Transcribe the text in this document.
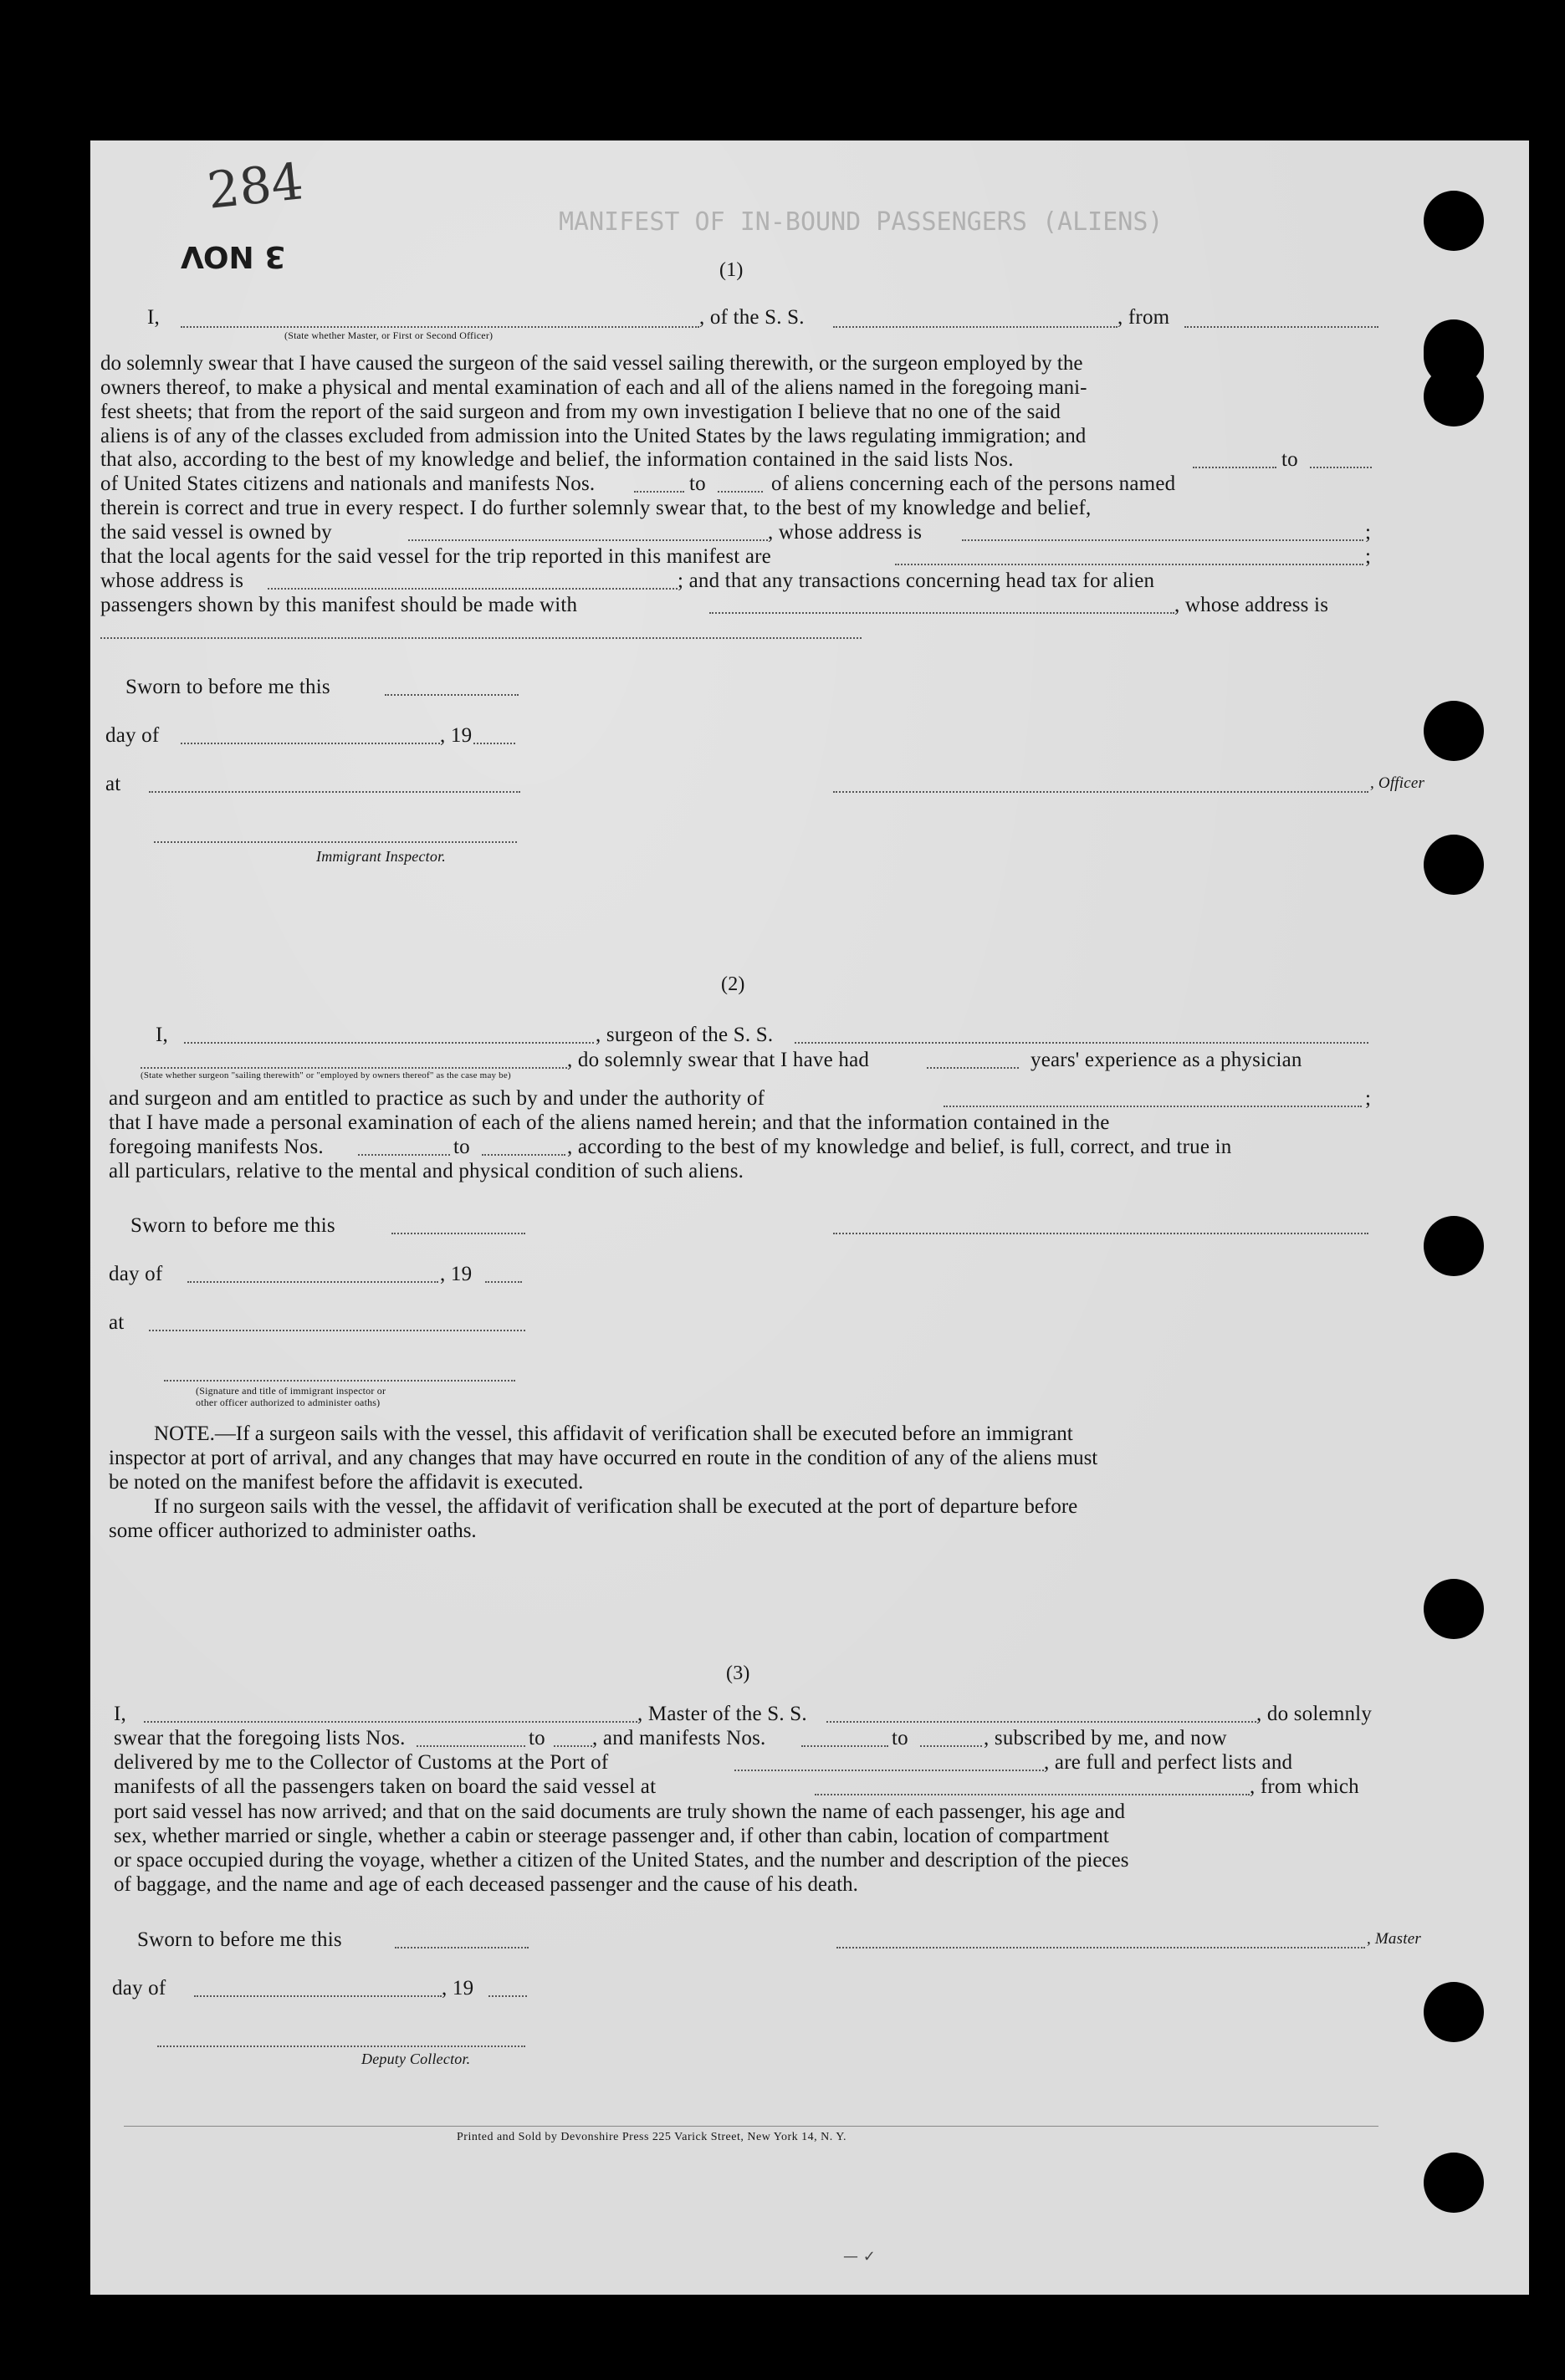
284
3 NOV
MANIFEST OF IN-BOUND PASSENGERS (ALIENS)
(1)
I,
(State whether Master, or First or Second Officer)
, of the S. S.	, from
do solemnly swear that I have caused the surgeon of the said vessel sailing therewith, or the surgeon employed by the
owners thereof, to make a physical and mental examination of each and all of the aliens named in the foregoing mani-
fest sheets; that from the report of the said surgeon and from my own investigation I believe that no one of the said
aliens is of any of the classes excluded from admission into the United States by the laws regulating immigration; and
that also, according to the best of my knowledge and belief, the information contained in the said lists Nos.	to
of United States citizens and nationals and manifests Nos.	to	of aliens concerning each of the persons named
therein is correct and true in every respect. I do further solemnly swear that, to the best of my knowledge and belief,
the said vessel is owned by	, whose address is	;
that the local agents for the said vessel for the trip reported in this manifest are	;
whose address is	; and that any transactions concerning head tax for alien
passengers shown by this manifest should be made with	, whose address is
Sworn to before me this
day of	, 19
at	, Officer
Immigrant Inspector.
(2)
I,	, surgeon of the S. S.
(State whether surgeon "sailing therewith" or "employed by owners thereof" as the case may be)
, do solemnly swear that I have had	years' experience as a physician
and surgeon and am entitled to practice as such by and under the authority of	;
that I have made a personal examination of each of the aliens named herein; and that the information contained in the
foregoing manifests Nos.	to	, according to the best of my knowledge and belief, is full, correct, and true in
all particulars, relative to the mental and physical condition of such aliens.
Sworn to before me this
day of	, 19
at
(Signature and title of immigrant inspector or
other officer authorized to administer oaths)
NOTE.—If a surgeon sails with the vessel, this affidavit of verification shall be executed before an immigrant
inspector at port of arrival, and any changes that may have occurred en route in the condition of any of the aliens must
be noted on the manifest before the affidavit is executed.
If no surgeon sails with the vessel, the affidavit of verification shall be executed at the port of departure before
some officer authorized to administer oaths.
(3)
I,	, Master of the S. S.	, do solemnly
swear that the foregoing lists Nos.	to , and manifests Nos.	to	, subscribed by me, and now
delivered by me to the Collector of Customs at the Port of	, are full and perfect lists and
manifests of all the passengers taken on board the said vessel at	, from which
port said vessel has now arrived; and that on the said documents are truly shown the name of each passenger, his age and
sex, whether married or single, whether a cabin or steerage passenger and, if other than cabin, location of compartment
or space occupied during the voyage, whether a citizen of the United States, and the number and description of the pieces
of baggage, and the name and age of each deceased passenger and the cause of his death.
Sworn to before me this	, Master
day of	, 19
Deputy Collector.
Printed and Sold by Devonshire Press 225 Varick Street, New York 14, N. Y.
— ✓
